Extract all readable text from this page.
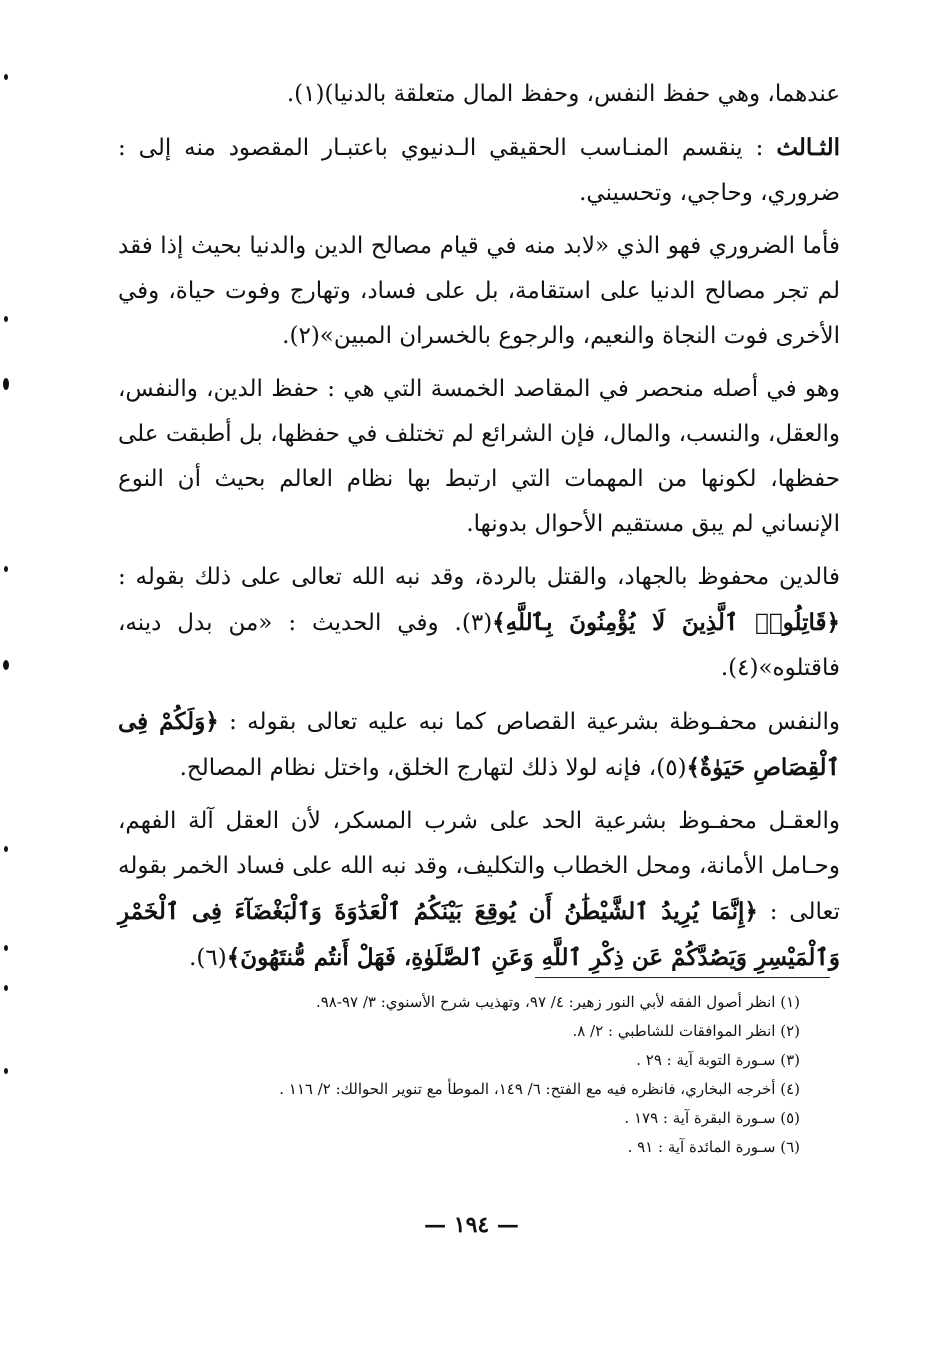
عندهما، وهي حفظ النفس، وحفظ المال متعلقة بالدنيا)(١).

الثـالث : ينقسم المنـاسب الحقيقي الـدنيوي باعتبـار المقصود منه إلى : ضروري، وحاجي، وتحسيني.

فأما الضروري فهو الذي «لابد منه في قيام مصالح الدين والدنيا بحيث إذا فقد لم تجر مصالح الدنيا على استقامة، بل على فساد، وتهارج وفوت حياة، وفي الأخرى فوت النجاة والنعيم، والرجوع بالخسران المبين»(٢).

وهو في أصله منحصر في المقاصد الخمسة التي هي : حفظ الدين، والنفس، والعقل، والنسب، والمال، فإن الشرائع لم تختلف في حفظها، بل أطبقت على حفظها، لكونها من المهمات التي ارتبط بها نظام العالم بحيث أن النوع الإنساني لم يبق مستقيم الأحوال بدونها.

فالدين محفوظ بالجهاد، والقتل بالردة، وقد نبه الله تعالى على ذلك بقوله : ﴿قَاتِلُوا۟ ٱلَّذِينَ لَا يُؤْمِنُونَ بِٱللَّهِ﴾(٣). وفي الحديث : «من بدل دينه، فاقتلوه»(٤).

والنفس محفـوظة بشرعية القصاص كما نبه عليه تعالى بقوله : ﴿وَلَكُمْ فِى ٱلْقِصَاصِ حَيَوٰةٌ﴾(٥)، فإنه لولا ذلك لتهارج الخلق، واختل نظام المصالح.

والعقـل محفـوظ بشرعية الحد على شرب المسكر، لأن العقل آلة الفهم، وحـامل الأمانة، ومحل الخطاب والتكليف، وقد نبه الله على فساد الخمر بقوله تعالى : ﴿إِنَّمَا يُرِيدُ ٱلشَّيْطَٰنُ أَن يُوقِعَ بَيْنَكُمُ ٱلْعَدَٰوَةَ وَٱلْبَغْضَآءَ فِى ٱلْخَمْرِ وَٱلْمَيْسِرِ وَيَصُدَّكُمْ عَن ذِكْرِ ٱللَّهِ وَعَنِ ٱلصَّلَوٰةِ، فَهَلْ أَنتُم مُّنتَهُونَ﴾(٦).

(١) انظر أصول الفقه لأبي النور زهير: ٤/ ٩٧، وتهذيب شرح الأسنوي: ٣/ ٩٧-٩٨.

(٢) انظر الموافقات للشاطبي : ٢/ ٨.

(٣) سـورة التوبة آية : ٢٩ .

(٤) أخرجه البخاري، فانظره فيه مع الفتح: ٦/ ١٤٩، الموطأ مع تنوير الحوالك: ٢/ ١١٦ .

(٥) سـورة البقرة آية : ١٧٩ .

(٦) سـورة المائدة آية : ٩١ .

— ١٩٤ —
